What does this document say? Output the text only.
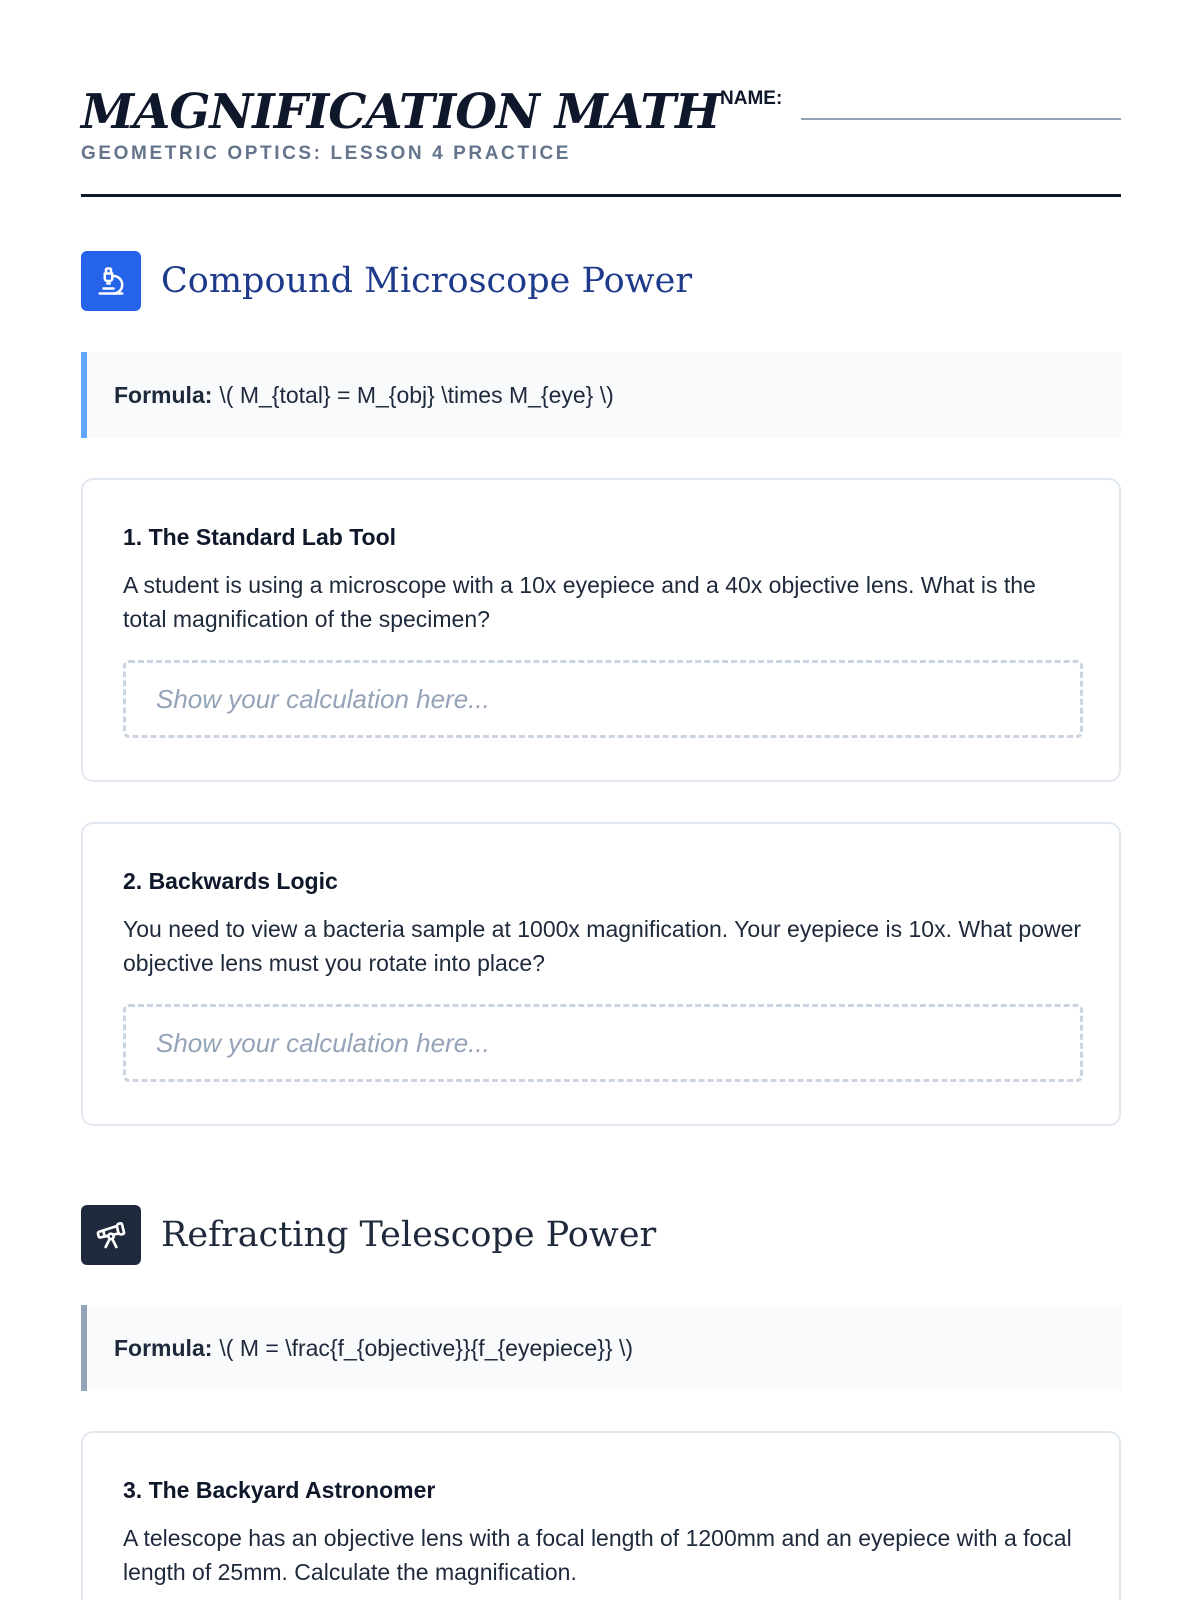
MAGNIFICATION MATH
GEOMETRIC OPTICS: LESSON 4 PRACTICE
NAME:
Compound Microscope Power
Formula: \( M_{total} = M_{obj} \times M_{eye} \)
1. The Standard Lab Tool
A student is using a microscope with a 10x eyepiece and a 40x objective lens. What is the total magnification of the specimen?
Show your calculation here...
2. Backwards Logic
You need to view a bacteria sample at 1000x magnification. Your eyepiece is 10x. What power objective lens must you rotate into place?
Show your calculation here...
Refracting Telescope Power
Formula: \( M = \frac{f_{objective}}{f_{eyepiece}} \)
3. The Backyard Astronomer
A telescope has an objective lens with a focal length of 1200mm and an eyepiece with a focal length of 25mm. Calculate the magnification.
